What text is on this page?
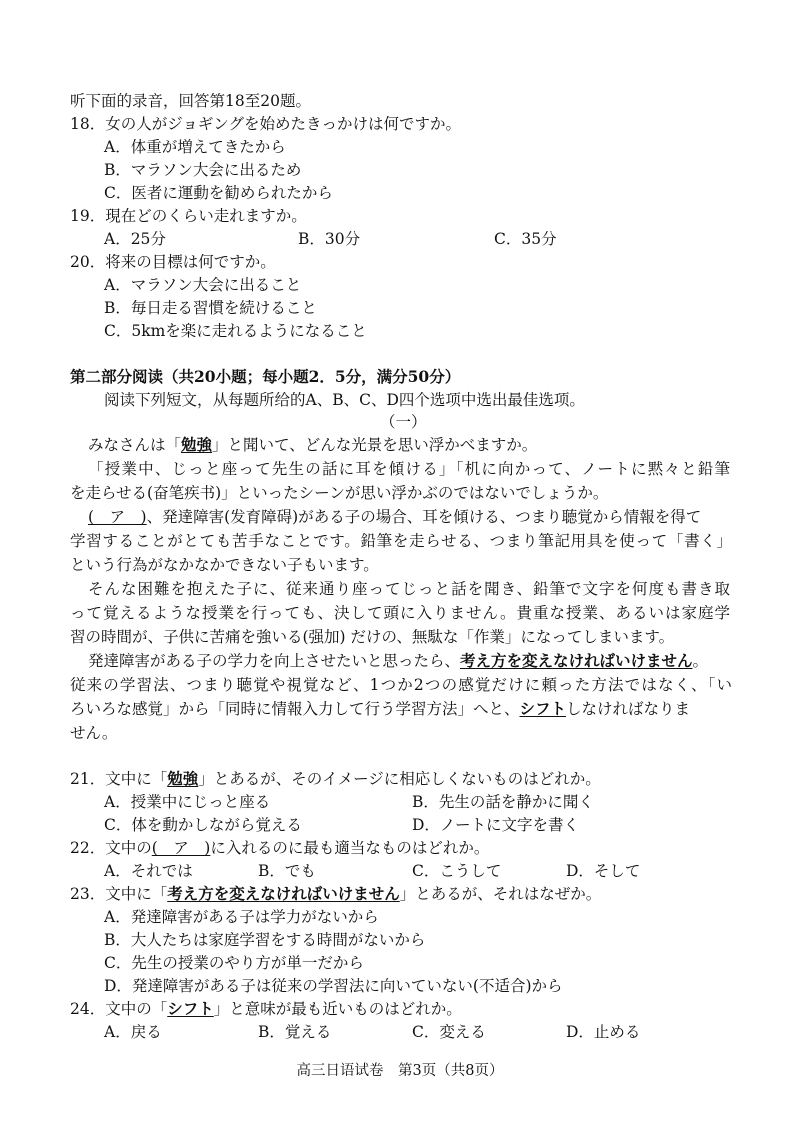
听下面的录音，回答第18至20题。
18．女の人がジョギングを始めたきっかけは何ですか。
A．体重が増えてきたから
B．マラソン大会に出るため
C．医者に運動を勧められたから
19．現在どのくらい走れますか。
A．25分	B．30分	C．35分
20．将来の目標は何ですか。
A．マラソン大会に出ること
B．毎日走る習慣を続けること
C．5kmを楽に走れるようになること
第二部分阅读（共20小题；每小题2．5分，满分50分）
阅读下列短文，从每题所给的A、B、C、D四个选项中选出最佳选项。
（一）
みなさんは「勉強」と聞いて、どんな光景を思い浮かべますか。
「授業中、じっと座って先生の話に耳を傾ける」「机に向かって、ノートに黙々と鉛筆
を走らせる(奋笔疾书)」といったシーンが思い浮かぶのではないでしょうか。
(　ア　)、発達障害(发育障碍)がある子の場合、耳を傾ける、つまり聴覚から情報を得て
学習することがとても苦手なことです。鉛筆を走らせる、つまり筆記用具を使って「書く」
という行為がなかなかできない子もいます。
そんな困難を抱えた子に、従来通り座ってじっと話を聞き、鉛筆で文字を何度も書き取
って覚えるような授業を行っても、決して頭に入りません。貴重な授業、あるいは家庭学
習の時間が、子供に苦痛を強いる(强加) だけの、無駄な「作業」になってしまいます。
発達障害がある子の学力を向上させたいと思ったら、考え方を変えなければいけません。
従来の学習法、つまり聴覚や視覚など、1つか2つの感覚だけに頼った方法ではなく、「い
ろいろな感覚」から「同時に情報入力して行う学習方法」へと、シフトしなければなりま
せん。
21．文中に「勉強」とあるが、そのイメージに相応しくないものはどれか。
A．授業中にじっと座る	B．先生の話を静かに聞く
C．体を動かしながら覚える	D．ノートに文字を書く
22．文中の(　ア　)に入れるのに最も適当なものはどれか。
A．それでは	B．でも	C．こうして	D．そして
23．文中に「考え方を変えなければいけません」とあるが、それはなぜか。
A．発達障害がある子は学力がないから
B．大人たちは家庭学習をする時間がないから
C．先生の授業のやり方が単一だから
D．発達障害がある子は従来の学習法に向いていない(不适合)から
24．文中の「シフト」と意味が最も近いものはどれか。
A．戻る	B．覚える	C．変える	D．止める
高三日语试卷　第3页（共8页）
